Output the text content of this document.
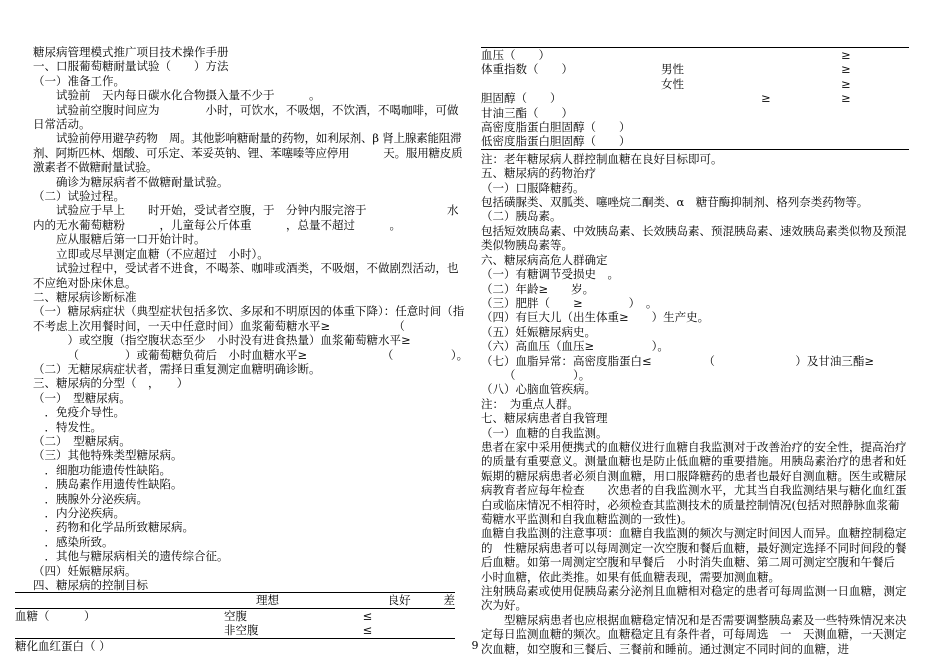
糖尿病管理模式推广项目技术操作手册

一、口服葡萄糖耐量试验（　　）方法

（一）准备工作。

试验前　天内每日碳水化合物摄入量不少于　　　。

试验前空腹时间应为　　　　小时，可饮水，不吸烟，不饮酒，不喝咖啡，可做日常活动。

试验前停用避孕药物　周。其他影响糖耐量的药物，如利尿剂、β 肾上腺素能阻滞剂、阿斯匹林、烟酸、可乐定、苯妥英钠、锂、苯噻嗪等应停用　　　天。服用糖皮质激素者不做糖耐量试验。

确诊为糖尿病者不做糖耐量试验。

（二）试验过程。

试验应于早上　　时开始，受试者空腹，于　分钟内服完溶于　　　　　　　水内的无水葡萄糖粉　　　，儿童每公斤体重　　　，总量不超过　　　。

应从服糖后第一口开始计时。

立即或尽早测定血糖（不应超过　小时）。

试验过程中，受试者不进食，不喝茶、咖啡或酒类，不吸烟，不做剧烈活动，也不应绝对卧床休息。

二、糖尿病诊断标准

（一）糖尿病症状（典型症状包括多饮、多尿和不明原因的体重下降）：任意时间（指不考虑上次用餐时间，一天中任意时间）血浆葡萄糖水平≥　　　　　　（

）或空腹（指空腹状态至少　小时没有进食热量）血浆葡萄糖水平≥

（　　　　）或葡萄糖负荷后　小时血糖水平≥　　　　　　　（　　　　　）。

（二）无糖尿病症状者，需择日重复测定血糖明确诊断。

三、糖尿病的分型（　，　　）

（一）　型糖尿病。

．免疫介导性。

．特发性。

（二）　型糖尿病。

（三）其他特殊类型糖尿病。

．细胞功能遗传性缺陷。

．胰岛素作用遗传性缺陷。

．胰腺外分泌疾病。

．内分泌疾病。

．药物和化学品所致糖尿病。

．感染所致。

．其他与糖尿病相关的遗传综合征。

（四）妊娠糖尿病。

四、糖尿病的控制目标

	理想	良好	差
血糖（　　　）	空腹	≤	
	非空腹	≤	
糖化血红蛋白（ ）			
血压（　　）			≥
体重指数（　　）	男性		≥
	女性		≥
胆固醇（　　）		≥	≥
甘油三酯（　　）			
高密度脂蛋白胆固醇（　　）			
低密度脂蛋白胆固醇（　　）			

注：老年糖尿病人群控制血糖在良好目标即可。

五、糖尿病的药物治疗

（一）口服降糖药。

包括磺脲类、双胍类、噻唑烷二酮类、α　糖苷酶抑制剂、格列奈类药物等。

（二）胰岛素。

包括短效胰岛素、中效胰岛素、长效胰岛素、预混胰岛素、速效胰岛素类似物及预混类似物胰岛素等。

六、糖尿病高危人群确定

（一）有糖调节受损史　。

（二）年龄≥　　岁。

（三）肥胖（　　≥　　　　）　。

（四）有巨大儿（出生体重≥　　）生产史。

（五）妊娠糖尿病史。

（六）高血压（血压≥　　　　　）。

（七）血脂异常：高密度脂蛋白≤　　　　　（　　　　　　　）及甘油三酯≥

（　　　　　）。

（八）心脑血管疾病。

注：　为重点人群。

七、糖尿病患者自我管理

（一）血糖的自我监测。

患者在家中采用便携式的血糖仪进行血糖自我监测对于改善治疗的安全性，提高治疗的质量有重要意义。测量血糖也是防止低血糖的重要措施。用胰岛素治疗的患者和妊娠期的糖尿病患者必须自测血糖，用口服降糖药的患者也最好自测血糖。医生或糖尿病教育者应每年检查　　次患者的自我监测水平，尤其当自我监测结果与糖化血红蛋白或临床情况不相符时，必须检查其监测技术的质量控制情况(包括对照静脉血浆葡萄糖水平监测和自我血糖监测的一致性)。

血糖自我监测的注意事项：血糖自我监测的频次与测定时间因人而异。血糖控制稳定的　性糖尿病患者可以每周测定一次空腹和餐后血糖，最好测定选择不同时间段的餐后血糖。如第一周测定空腹和早餐后　小时消失血糖、第二周可测定空腹和午餐后　小时血糖，依此类推。如果有低血糖表现，需要加测血糖。

注射胰岛素或使用促胰岛素分泌剂且血糖相对稳定的患者可每周监测一日血糖，测定　次为好。

型糖尿病患者也应根据血糖稳定情况和是否需要调整胰岛素及一些特殊情况来决定每日监测血糖的频次。血糖稳定且有条件者，可每周选　一　天测血糖，一天测定　次血糖，如空腹和三餐后、三餐前和睡前。通过测定不同时间的血糖，进

9
